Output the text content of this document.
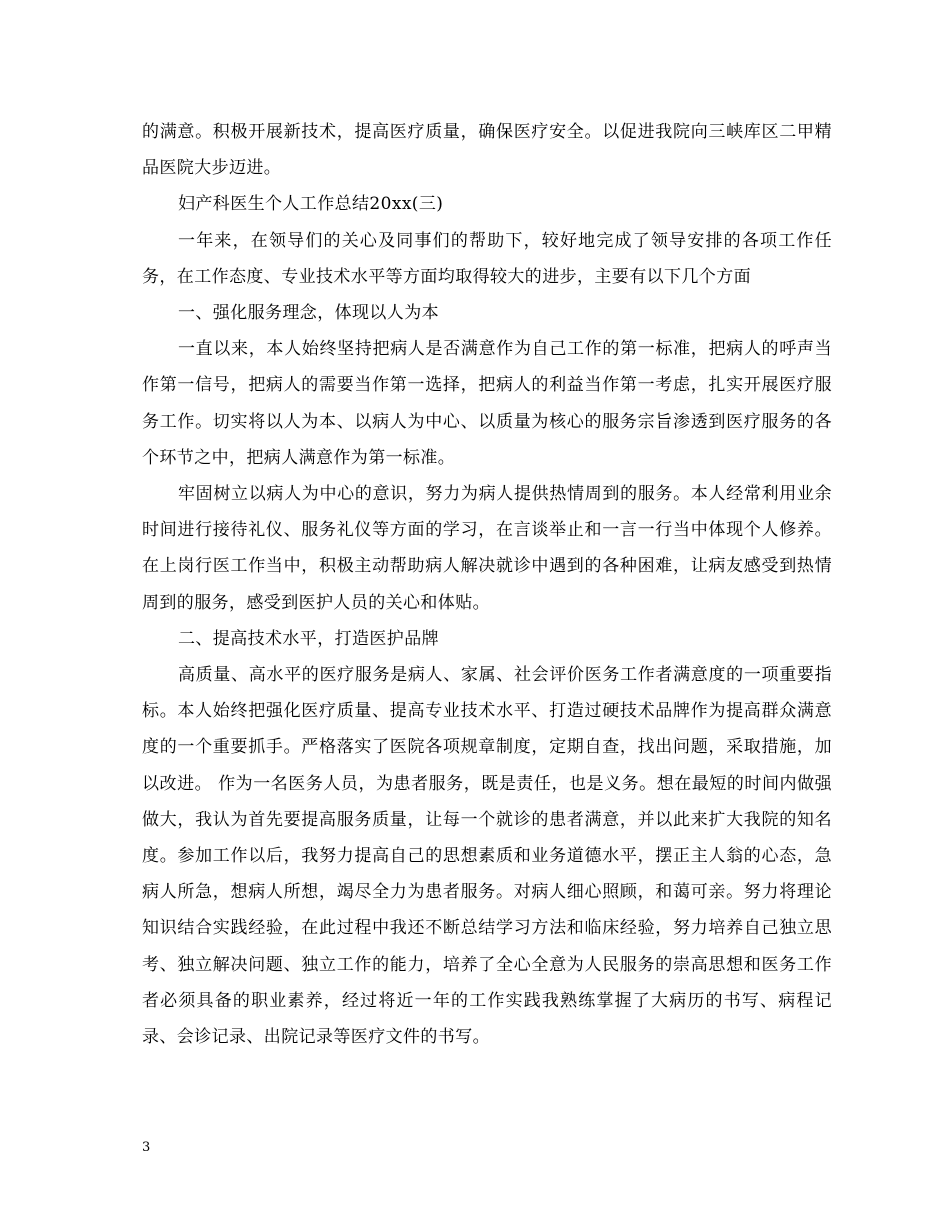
的满意。积极开展新技术，提高医疗质量，确保医疗安全。以促进我院向三峡库区二甲精品医院大步迈进。

妇产科医生个人工作总结20xx(三)

一年来，在领导们的关心及同事们的帮助下，较好地完成了领导安排的各项工作任务，在工作态度、专业技术水平等方面均取得较大的进步，主要有以下几个方面

一、强化服务理念，体现以人为本

一直以来，本人始终坚持把病人是否满意作为自己工作的第一标准，把病人的呼声当作第一信号，把病人的需要当作第一选择，把病人的利益当作第一考虑，扎实开展医疗服务工作。切实将以人为本、以病人为中心、以质量为核心的服务宗旨渗透到医疗服务的各个环节之中，把病人满意作为第一标准。

牢固树立以病人为中心的意识，努力为病人提供热情周到的服务。本人经常利用业余时间进行接待礼仪、服务礼仪等方面的学习，在言谈举止和一言一行当中体现个人修养。在上岗行医工作当中，积极主动帮助病人解决就诊中遇到的各种困难，让病友感受到热情周到的服务，感受到医护人员的关心和体贴。

二、提高技术水平，打造医护品牌

高质量、高水平的医疗服务是病人、家属、社会评价医务工作者满意度的一项重要指标。本人始终把强化医疗质量、提高专业技术水平、打造过硬技术品牌作为提高群众满意度的一个重要抓手。严格落实了医院各项规章制度，定期自查，找出问题，采取措施，加以改进。 作为一名医务人员，为患者服务，既是责任，也是义务。想在最短的时间内做强做大，我认为首先要提高服务质量，让每一个就诊的患者满意，并以此来扩大我院的知名度。参加工作以后，我努力提高自己的思想素质和业务道德水平，摆正主人翁的心态，急病人所急，想病人所想，竭尽全力为患者服务。对病人细心照顾，和蔼可亲。努力将理论知识结合实践经验，在此过程中我还不断总结学习方法和临床经验，努力培养自己独立思考、独立解决问题、独立工作的能力，培养了全心全意为人民服务的崇高思想和医务工作者必须具备的职业素养，经过将近一年的工作实践我熟练掌握了大病历的书写、病程记录、会诊记录、出院记录等医疗文件的书写。

3
